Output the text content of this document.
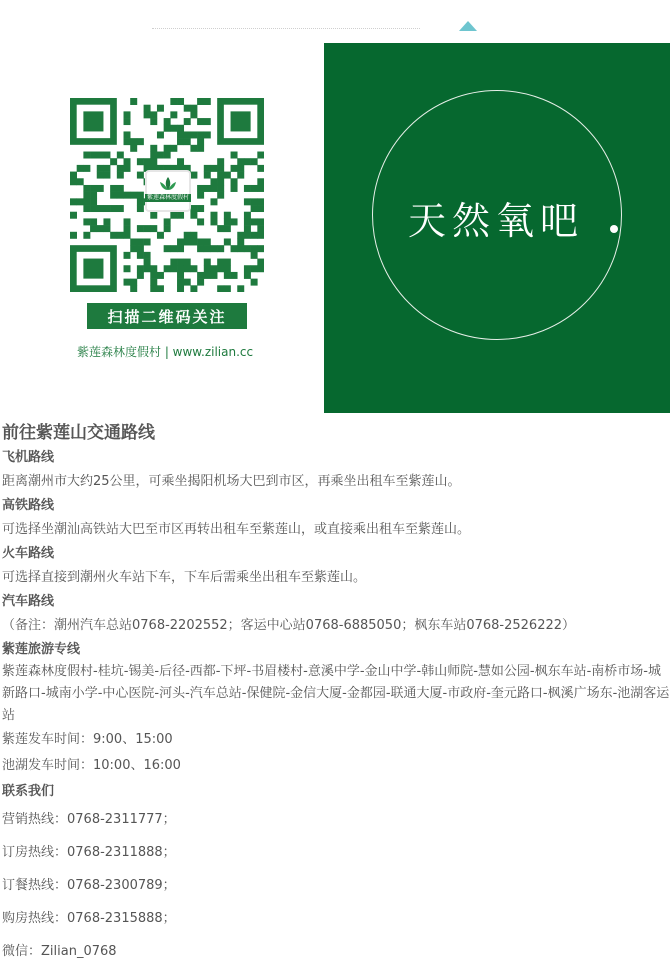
紫莲森林度假村
扫描二维码关注
紫莲森林度假村 | www.zilian.cc
天然氧吧

前往紫莲山交通路线

飞机路线

距离潮州市大约25公里，可乘坐揭阳机场大巴到市区，再乘坐出租车至紫莲山。

高铁路线

可选择坐潮汕高铁站大巴至市区再转出租车至紫莲山，或直接乘出租车至紫莲山。

火车路线

可选择直接到潮州火车站下车，下车后需乘坐出租车至紫莲山。

汽车路线

（备注：潮州汽车总站0768-2202552；客运中心站0768-6885050；枫东车站0768-2526222）

紫莲旅游专线

紫莲森林度假村-桂坑-锡美-后径-西都-下坪-书眉楼村-意溪中学-金山中学-韩山师院-慧如公园-枫东车站-南桥市场-城新路口-城南小学-中心医院-河头-汽车总站-保健院-金信大厦-金都园-联通大厦-市政府-奎元路口-枫溪广场东-池湖客运站

紫莲发车时间：9:00、15:00

池湖发车时间：10:00、16:00

联系我们

营销热线：0768-2311777；

订房热线：0768-2311888；

订餐热线：0768-2300789；

购房热线：0768-2315888；

微信：Zilian_0768
